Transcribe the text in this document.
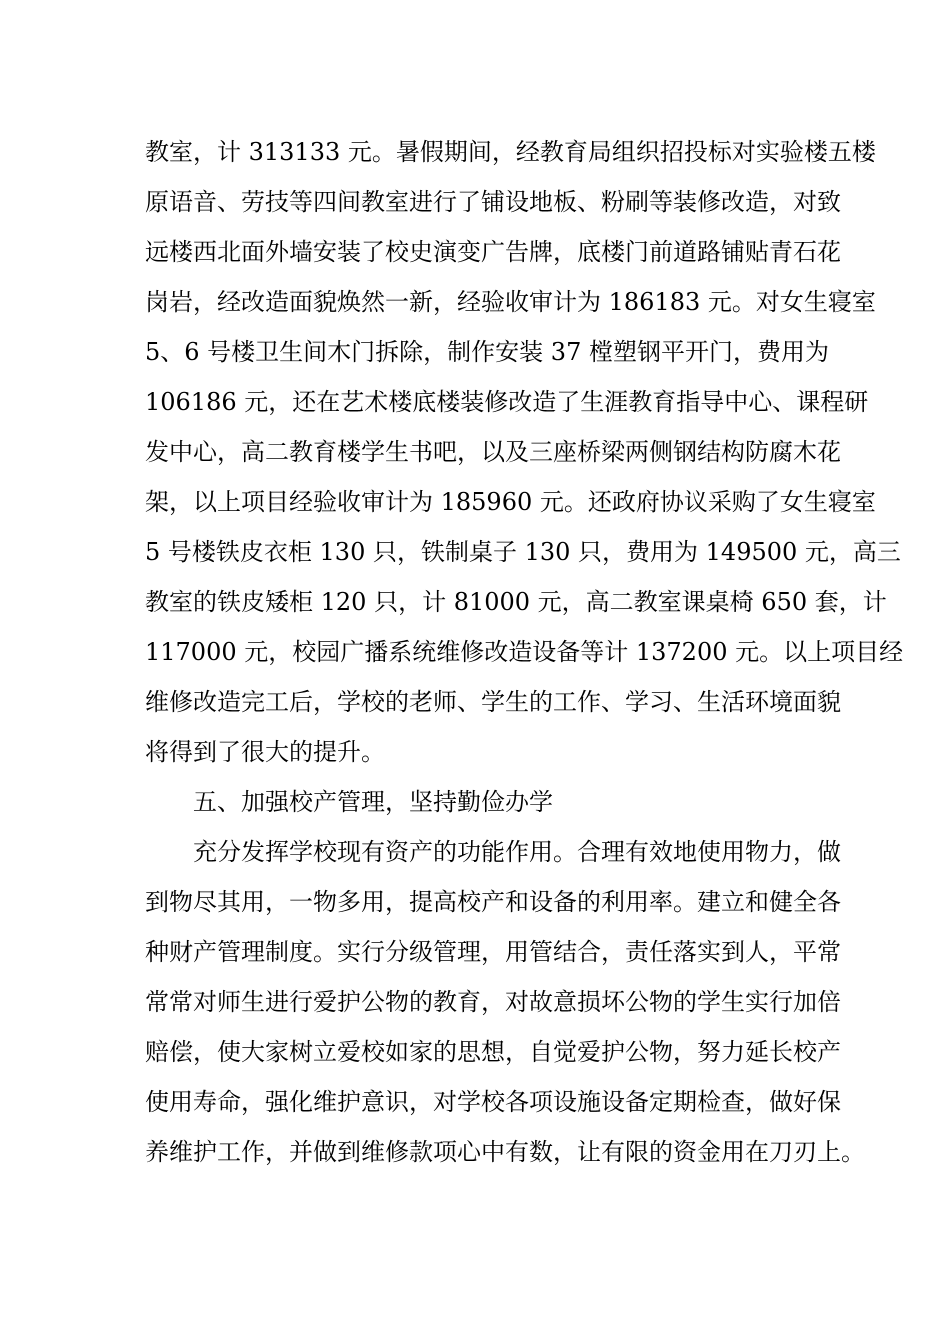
教室，计 313133 元。暑假期间，经教育局组织招投标对实验楼五楼
原语音、劳技等四间教室进行了铺设地板、粉刷等装修改造，对致
远楼西北面外墙安装了校史演变广告牌，底楼门前道路铺贴青石花
岗岩，经改造面貌焕然一新，经验收审计为 186183 元。对女生寝室
5、6 号楼卫生间木门拆除，制作安装 37 樘塑钢平开门，费用为
106186 元，还在艺术楼底楼装修改造了生涯教育指导中心、课程研
发中心，高二教育楼学生书吧，以及三座桥梁两侧钢结构防腐木花
架，以上项目经验收审计为 185960 元。还政府协议采购了女生寝室
5 号楼铁皮衣柜 130 只，铁制桌子 130 只，费用为 149500 元，高三
教室的铁皮矮柜 120 只，计 81000 元，高二教室课桌椅 650 套，计
117000 元，校园广播系统维修改造设备等计 137200 元。以上项目经
维修改造完工后，学校的老师、学生的工作、学习、生活环境面貌
将得到了很大的提升。
五、加强校产管理，坚持勤俭办学
充分发挥学校现有资产的功能作用。合理有效地使用物力，做
到物尽其用，一物多用，提高校产和设备的利用率。建立和健全各
种财产管理制度。实行分级管理，用管结合，责任落实到人，平常
常常对师生进行爱护公物的教育，对故意损坏公物的学生实行加倍
赔偿，使大家树立爱校如家的思想，自觉爱护公物，努力延长校产
使用寿命，强化维护意识，对学校各项设施设备定期检查，做好保
养维护工作，并做到维修款项心中有数，让有限的资金用在刀刃上。
